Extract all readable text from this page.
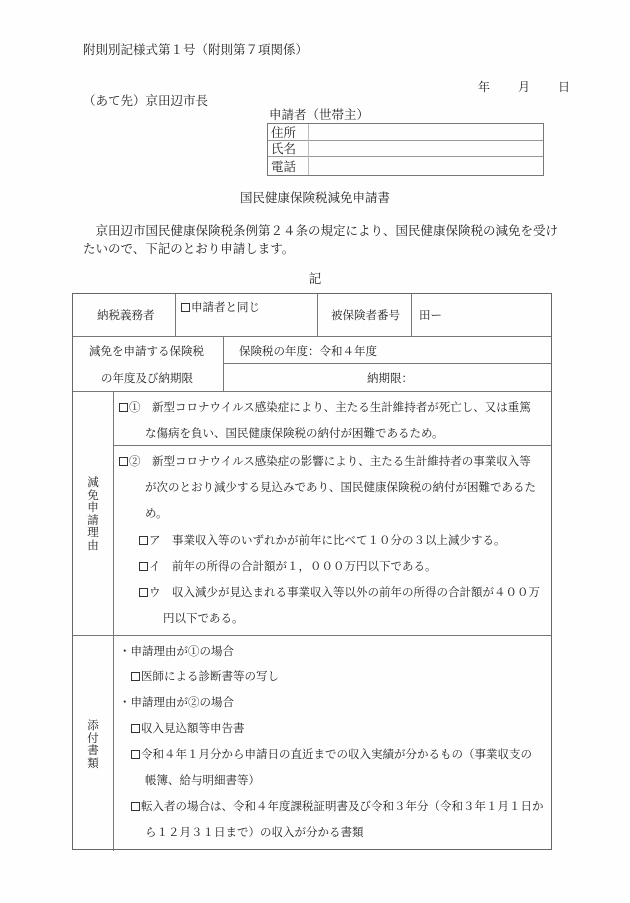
附則別記様式第１号（附則第７項関係）
年 月 日
（あて先）京田辺市長
申請者（世帯主）
住所
氏名
電話
国民健康保険税減免申請書
京田辺市国民健康保険税条例第２４条の規定により、国民健康保険税の減免を受けたいので、下記のとおり申請します。
記
納税義務者
申請者と同じ
被保険者番号 田ー
減免を申請する保険税
の年度及び納期限
保険税の年度：令和４年度
納期限：
減
免
申
請
理
由
①　新型コロナウイルス感染症により、主たる生計維持者が死亡し、又は重篤
な傷病を負い、国民健康保険税の納付が困難であるため。
②　新型コロナウイルス感染症の影響により、主たる生計維持者の事業収入等
が次のとおり減少する見込みであり、国民健康保険税の納付が困難であるた
め。
ア　事業収入等のいずれかが前年に比べて１０分の３以上減少する。
イ　前年の所得の合計額が１，０００万円以下である。
ウ　収入減少が見込まれる事業収入等以外の前年の所得の合計額が４００万
円以下である。
添
付
書
類
・申請理由が①の場合
医師による診断書等の写し
・申請理由が②の場合
収入見込額等申告書
令和４年１月分から申請日の直近までの収入実績が分かるもの（事業収支の
帳簿、給与明細書等）
転入者の場合は、令和４年度課税証明書及び令和３年分（令和３年１月１日か
ら１２月３１日まで）の収入が分かる書類
